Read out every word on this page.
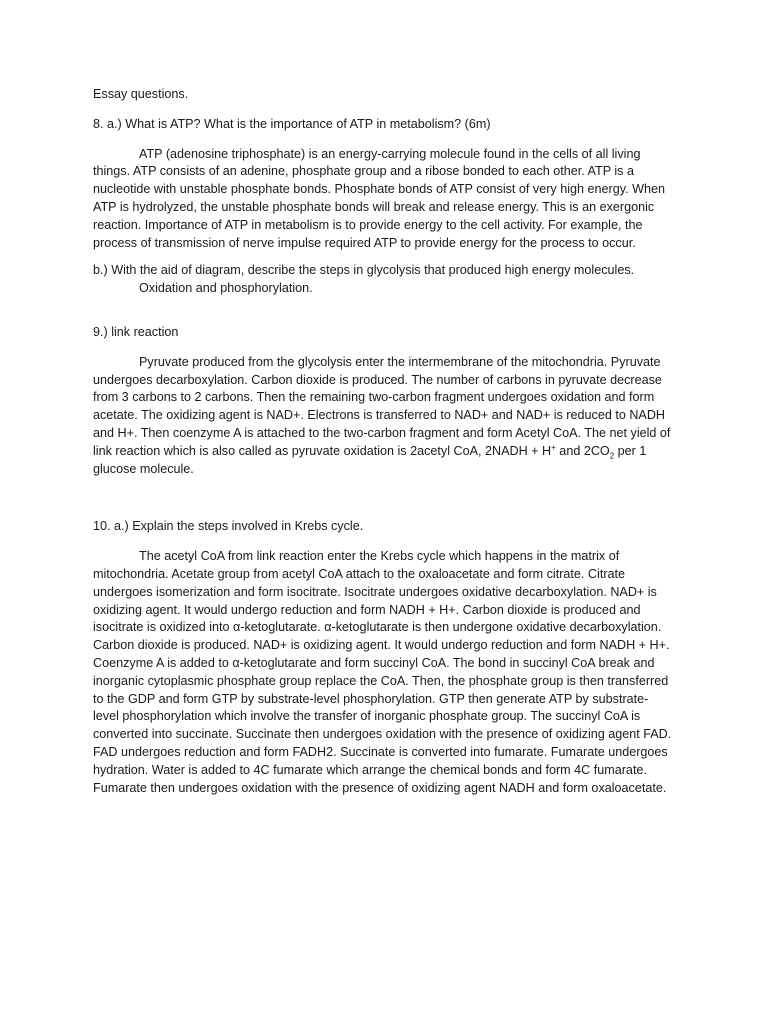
Essay questions.

8. a.) What is ATP? What is the importance of ATP in metabolism? (6m)

ATP (adenosine triphosphate) is an energy-carrying molecule found in the cells of all living things. ATP consists of an adenine, phosphate group and a ribose bonded to each other. ATP is a nucleotide with unstable phosphate bonds. Phosphate bonds of ATP consist of very high energy. When ATP is hydrolyzed, the unstable phosphate bonds will break and release energy. This is an exergonic reaction. Importance of ATP in metabolism is to provide energy to the cell activity. For example, the process of transmission of nerve impulse required ATP to provide energy for the process to occur.

b.) With the aid of diagram, describe the steps in glycolysis that produced high energy molecules.

Oxidation and phosphorylation.

9.) link reaction

Pyruvate produced from the glycolysis enter the intermembrane of the mitochondria. Pyruvate undergoes decarboxylation. Carbon dioxide is produced. The number of carbons in pyruvate decrease from 3 carbons to 2 carbons. Then the remaining two-carbon fragment undergoes oxidation and form acetate. The oxidizing agent is NAD+. Electrons is transferred to NAD+ and NAD+ is reduced to NADH and H+. Then coenzyme A is attached to the two-carbon fragment and form Acetyl CoA. The net yield of link reaction which is also called as pyruvate oxidation is 2acetyl CoA, 2NADH + H+ and $2CO_2$ per 1 glucose molecule.

10. a.) Explain the steps involved in Krebs cycle.

The acetyl CoA from link reaction enter the Krebs cycle which happens in the matrix of mitochondria. Acetate group from acetyl CoA attach to the oxaloacetate and form citrate. Citrate undergoes isomerization and form isocitrate. Isocitrate undergoes oxidative decarboxylation. NAD+ is oxidizing agent. It would undergo reduction and form NADH + H+. Carbon dioxide is produced and isocitrate is oxidized into α-ketoglutarate. α-ketoglutarate is then undergone oxidative decarboxylation. Carbon dioxide is produced. NAD+ is oxidizing agent. It would undergo reduction and form NADH + H+. Coenzyme A is added to α-ketoglutarate and form succinyl CoA. The bond in succinyl CoA break and inorganic cytoplasmic phosphate group replace the CoA. Then, the phosphate group is then transferred to the GDP and form GTP by substrate-level phosphorylation. GTP then generate ATP by substrate-level phosphorylation which involve the transfer of inorganic phosphate group. The succinyl CoA is converted into succinate. Succinate then undergoes oxidation with the presence of oxidizing agent FAD. FAD undergoes reduction and form FADH2. Succinate is converted into fumarate. Fumarate undergoes hydration. Water is added to 4C fumarate which arrange the chemical bonds and form 4C fumarate. Fumarate then undergoes oxidation with the presence of oxidizing agent NADH and form oxaloacetate.
